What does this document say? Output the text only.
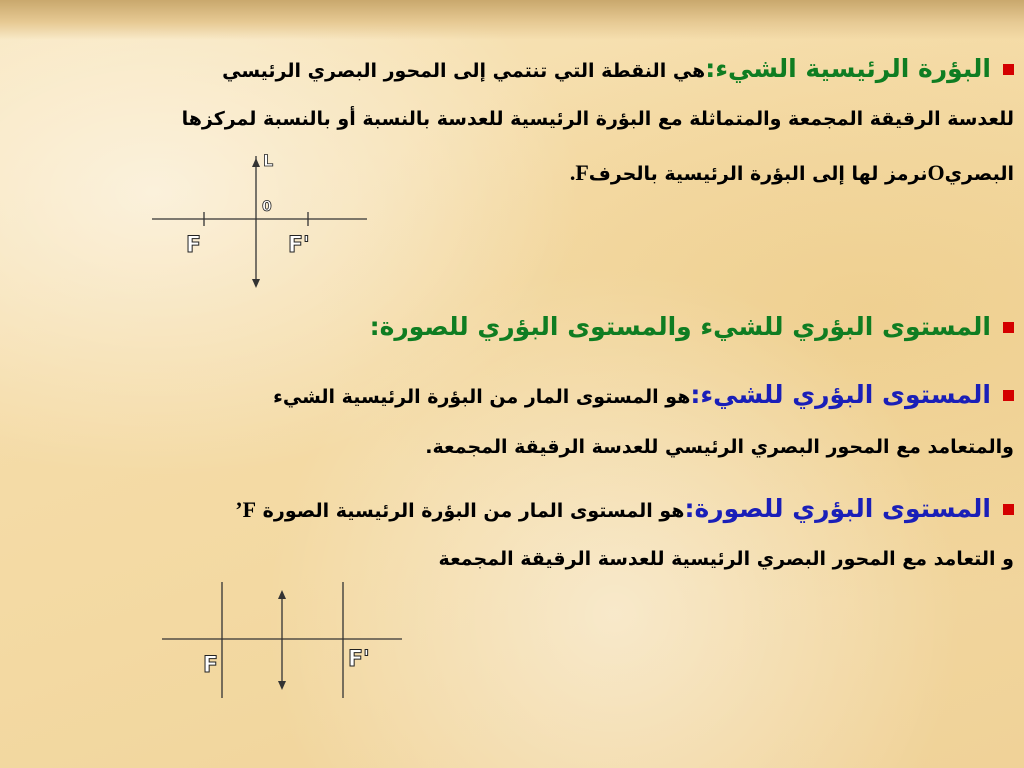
البؤرة الرئيسية الشيء:هي النقطة التي تنتمي إلى المحور البصري الرئيسي
للعدسة الرقيقة المجمعة والمتماثلة مع البؤرة الرئيسية للعدسة بالنسبة أو بالنسبة لمركزها
البصريOنرمز لها إلى البؤرة الرئيسية بالحرفF.
L
0
F	F'
المستوى البؤري للشيء والمستوى البؤري للصورة:
المستوى البؤري للشيء:هو المستوى المار من البؤرة الرئيسية الشيء
والمتعامد مع المحور البصري الرئيسي للعدسة الرقيقة المجمعة.
المستوى البؤري للصورة:هو المستوى المار من البؤرة الرئيسية الصورة F’
و التعامد مع المحور البصري الرئيسية للعدسة الرقيقة المجمعة
F	F'
